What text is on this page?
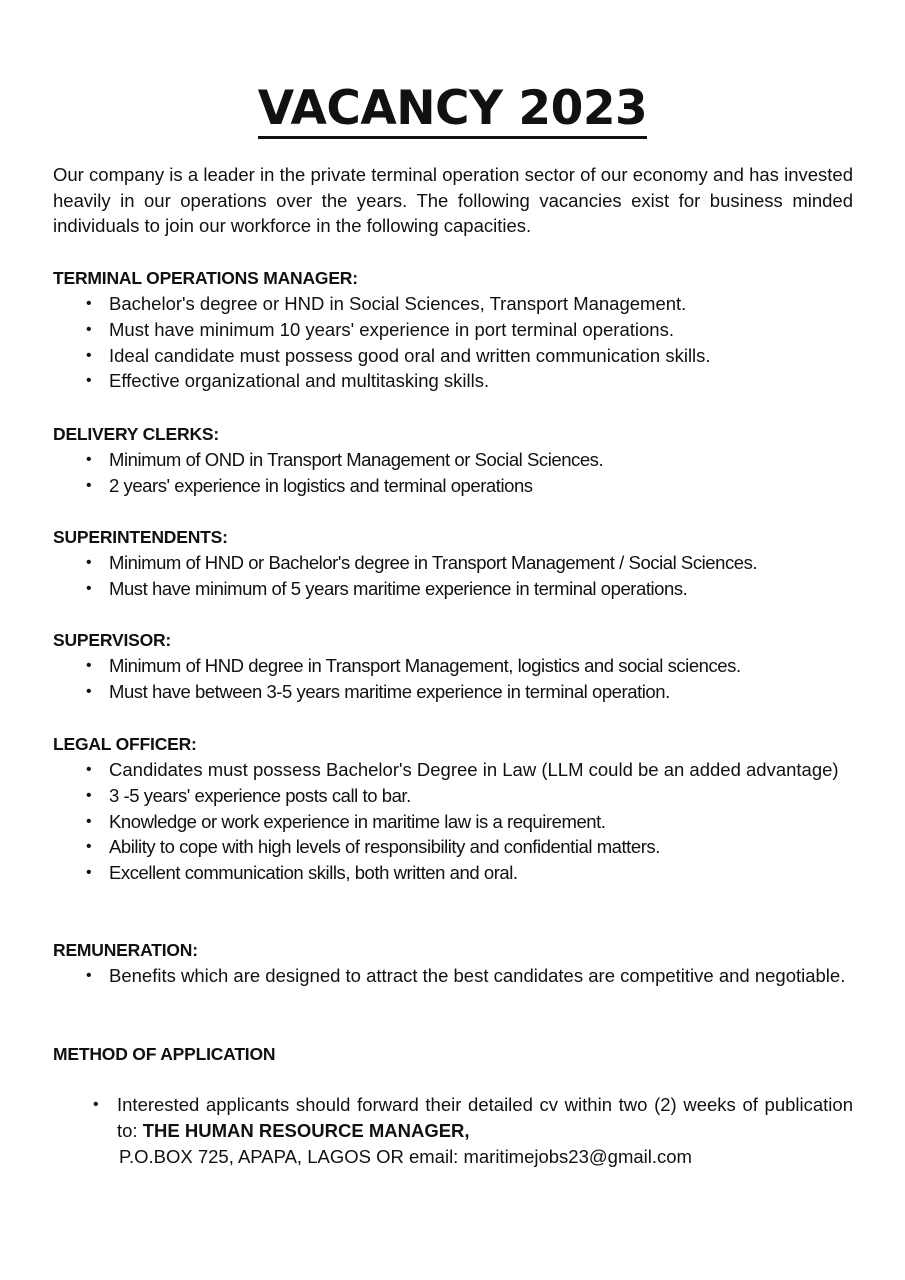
VACANCY 2023

Our company is a leader in the private terminal operation sector of our economy and has invested heavily in our operations over the years. The following vacancies exist for business minded individuals to join our workforce in the following capacities.

TERMINAL OPERATIONS MANAGER:
• Bachelor's degree or HND in Social Sciences, Transport Management.
• Must have minimum 10 years' experience in port terminal operations.
• Ideal candidate must possess good oral and written communication skills.
• Effective organizational and multitasking skills.
DELIVERY CLERKS:
• Minimum of OND in Transport Management or Social Sciences.
• 2 years' experience in logistics and terminal operations
SUPERINTENDENTS:
• Minimum of HND or Bachelor's degree in Transport Management / Social Sciences.
• Must have minimum of 5 years maritime experience in terminal operations.
SUPERVISOR:
• Minimum of HND degree in Transport Management, logistics and social sciences.
• Must have between 3-5 years maritime experience in terminal operation.
LEGAL OFFICER:
• Candidates must possess Bachelor's Degree in Law (LLM could be an added advantage)
• 3 -5 years' experience posts call to bar.
• Knowledge or work experience in maritime law is a requirement.
• Ability to cope with high levels of responsibility and confidential matters.
• Excellent communication skills, both written and oral.
REMUNERATION:
• Benefits which are designed to attract the best candidates are competitive and negotiable.
METHOD OF APPLICATION
• Interested applicants should forward their detailed cv within two (2) weeks of publication to: THE HUMAN RESOURCE MANAGER,
P.O.BOX 725, APAPA, LAGOS OR email: maritimejobs23@gmail.com
